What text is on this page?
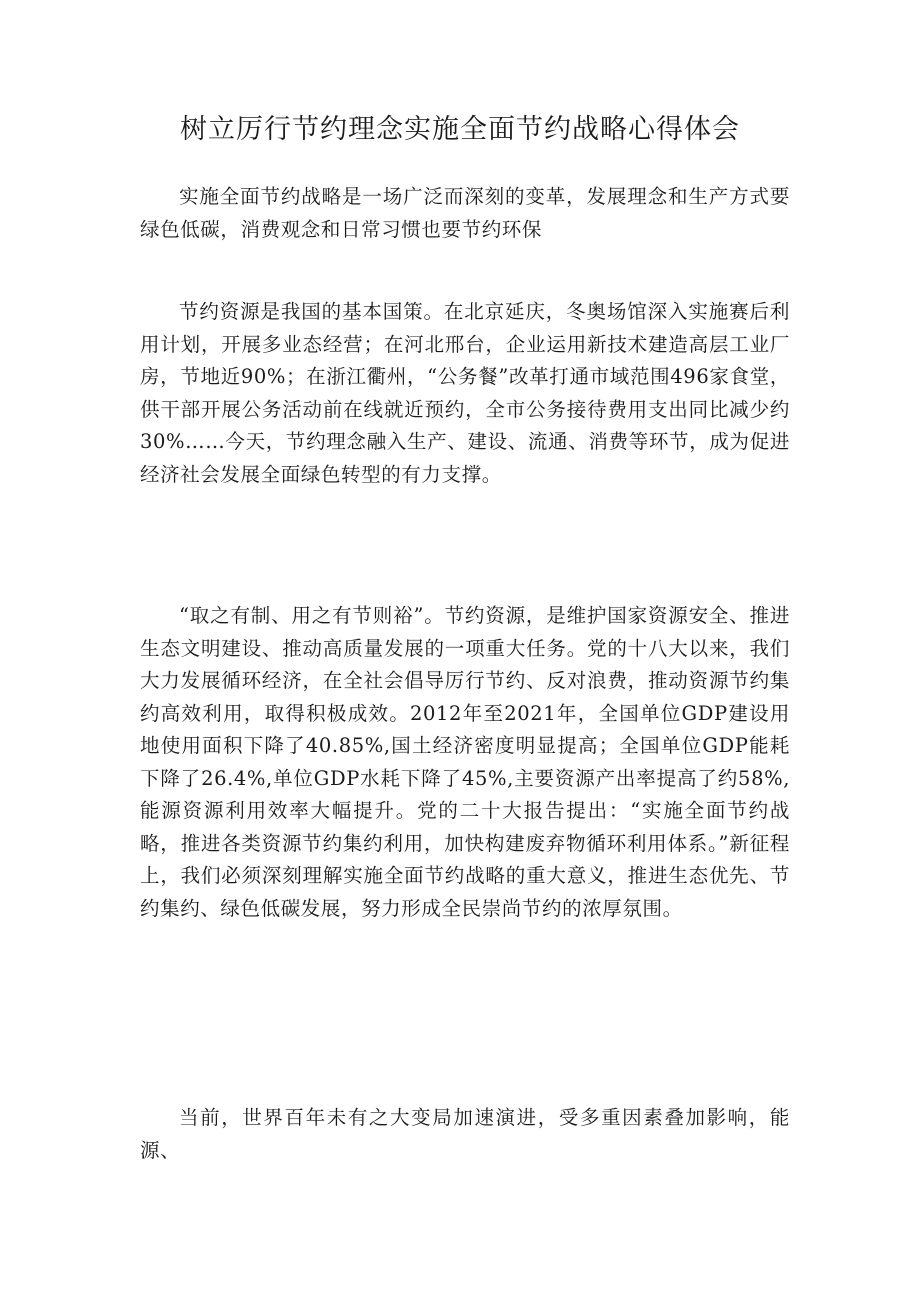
树立厉行节约理念实施全面节约战略心得体会

实施全面节约战略是一场广泛而深刻的变革，发展理念和生产方式要绿色低碳，消费观念和日常习惯也要节约环保

节约资源是我国的基本国策。在北京延庆，冬奥场馆深入实施赛后利用计划，开展多业态经营；在河北邢台，企业运用新技术建造高层工业厂房，节地近90%；在浙江衢州，“公务餐”改革打通市域范围496家食堂，供干部开展公务活动前在线就近预约，全市公务接待费用支出同比减少约30%……今天，节约理念融入生产、建设、流通、消费等环节，成为促进经济社会发展全面绿色转型的有力支撑。

“取之有制、用之有节则裕”。节约资源，是维护国家资源安全、推进生态文明建设、推动高质量发展的一项重大任务。党的十八大以来，我们大力发展循环经济，在全社会倡导厉行节约、反对浪费，推动资源节约集约高效利用，取得积极成效。2012年至2021年，全国单位GDP建设用地使用面积下降了40.85%,国土经济密度明显提高；全国单位GDP能耗下降了26.4%,单位GDP水耗下降了45%,主要资源产出率提高了约58%,能源资源利用效率大幅提升。党的二十大报告提出：“实施全面节约战略，推进各类资源节约集约利用，加快构建废弃物循环利用体系。”新征程上，我们必须深刻理解实施全面节约战略的重大意义，推进生态优先、节约集约、绿色低碳发展，努力形成全民崇尚节约的浓厚氛围。

当前，世界百年未有之大变局加速演进，受多重因素叠加影响，能源、
